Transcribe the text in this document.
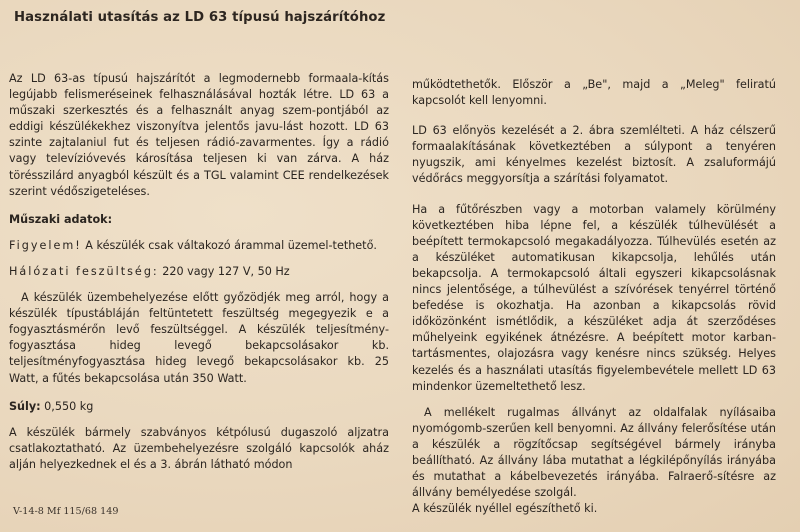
Használati utasítás az LD 63 típusú hajszárítóhoz

Az LD 63-as típusú hajszárítót a legmodernebb formaala-kítás legújabb felismeréseinek felhasználásával hozták létre. LD 63 a műszaki szerkesztés és a felhasznált anyag szem-pontjából az eddigi készülékekhez viszonyítva jelentős javu-lást hozott. LD 63 szinte zajtalaniul fut és teljesen rádió-zavarmentes. Így a rádió vagy televízióvevés károsítása teljesen ki van zárva. A ház törésszilárd anyagból készült és a TGL valamint CEE rendelkezések szerint védőszigeteléses.

Műszaki adatok:

Figyelem! A készülék csak váltakozó árammal üzemel-tethető.

Hálózati feszültség: 220 vagy 127 V, 50 Hz

A készülék üzembehelyezése előtt győzödjék meg arról, hogy a készülék típustábláján feltüntetett feszültség megegyezik e a fogyasztásmérőn levő feszültséggel. A készülék teljesítmény-fogyasztása hideg levegő bekapcsolásakor kb. teljesítményfogyasztása hideg levegő bekapcsolásakor kb. 25 Watt, a fűtés bekapcsolása után 350 Watt.

Súly: 0,550 kg

A készülék bármely szabványos kétpólusú dugaszoló aljzatra csatlakoztatható. Az üzembehelyezésre szolgáló kapcsolók aház alján helyezkednek el és a 3. ábrán látható módon

működtethetők. Először a „Be", majd a „Meleg" feliratú kapcsolót kell lenyomni.

LD 63 előnyös kezelését a 2. ábra szemlélteti. A ház célszerű formaalakításának következtében a súlypont a tenyéren nyugszik, ami kényelmes kezelést biztosít. A zsaluformájú védőrács meggyorsítja a szárítási folyamatot.

Ha a fűtőrészben vagy a motorban valamely körülmény következtében hiba lépne fel, a készülék túlhevülését a beépített termokapcsoló megakadályozza. Túlhevülés esetén az a készüléket automatikusan kikapcsolja, lehűlés után bekapcsolja. A termokapcsoló általi egyszeri kikapcsolásnak nincs jelentősége, a túlhevülést a szívórések tenyérrel történő befedése is okozhatja. Ha azonban a kikapcsolás rövid időközönként ismétlődik, a készüléket adja át szerződéses műhelyeink egyikének átnézésre. A beépített motor karban-tartásmentes, olajozásra vagy kenésre nincs szükség. Helyes kezelés és a használati utasítás figyelembevétele mellett LD 63 mindenkor üzemeltethető lesz.

A mellékelt rugalmas állványt az oldalfalak nyílásaiba nyomógomb-szerűen kell benyomni. Az állvány felerősítése után a készülék a rögzítőcsap segítségével bármely irányba beállítható. Az állvány lába mutathat a légkilépőnyílás irányába és mutathat a kábelbevezetés irányába. Falraerő-sítésre az állvány bemélyedése szolgál.

A készülék nyéllel egészíthető ki.

V-14-8 Mf 115/68 149
